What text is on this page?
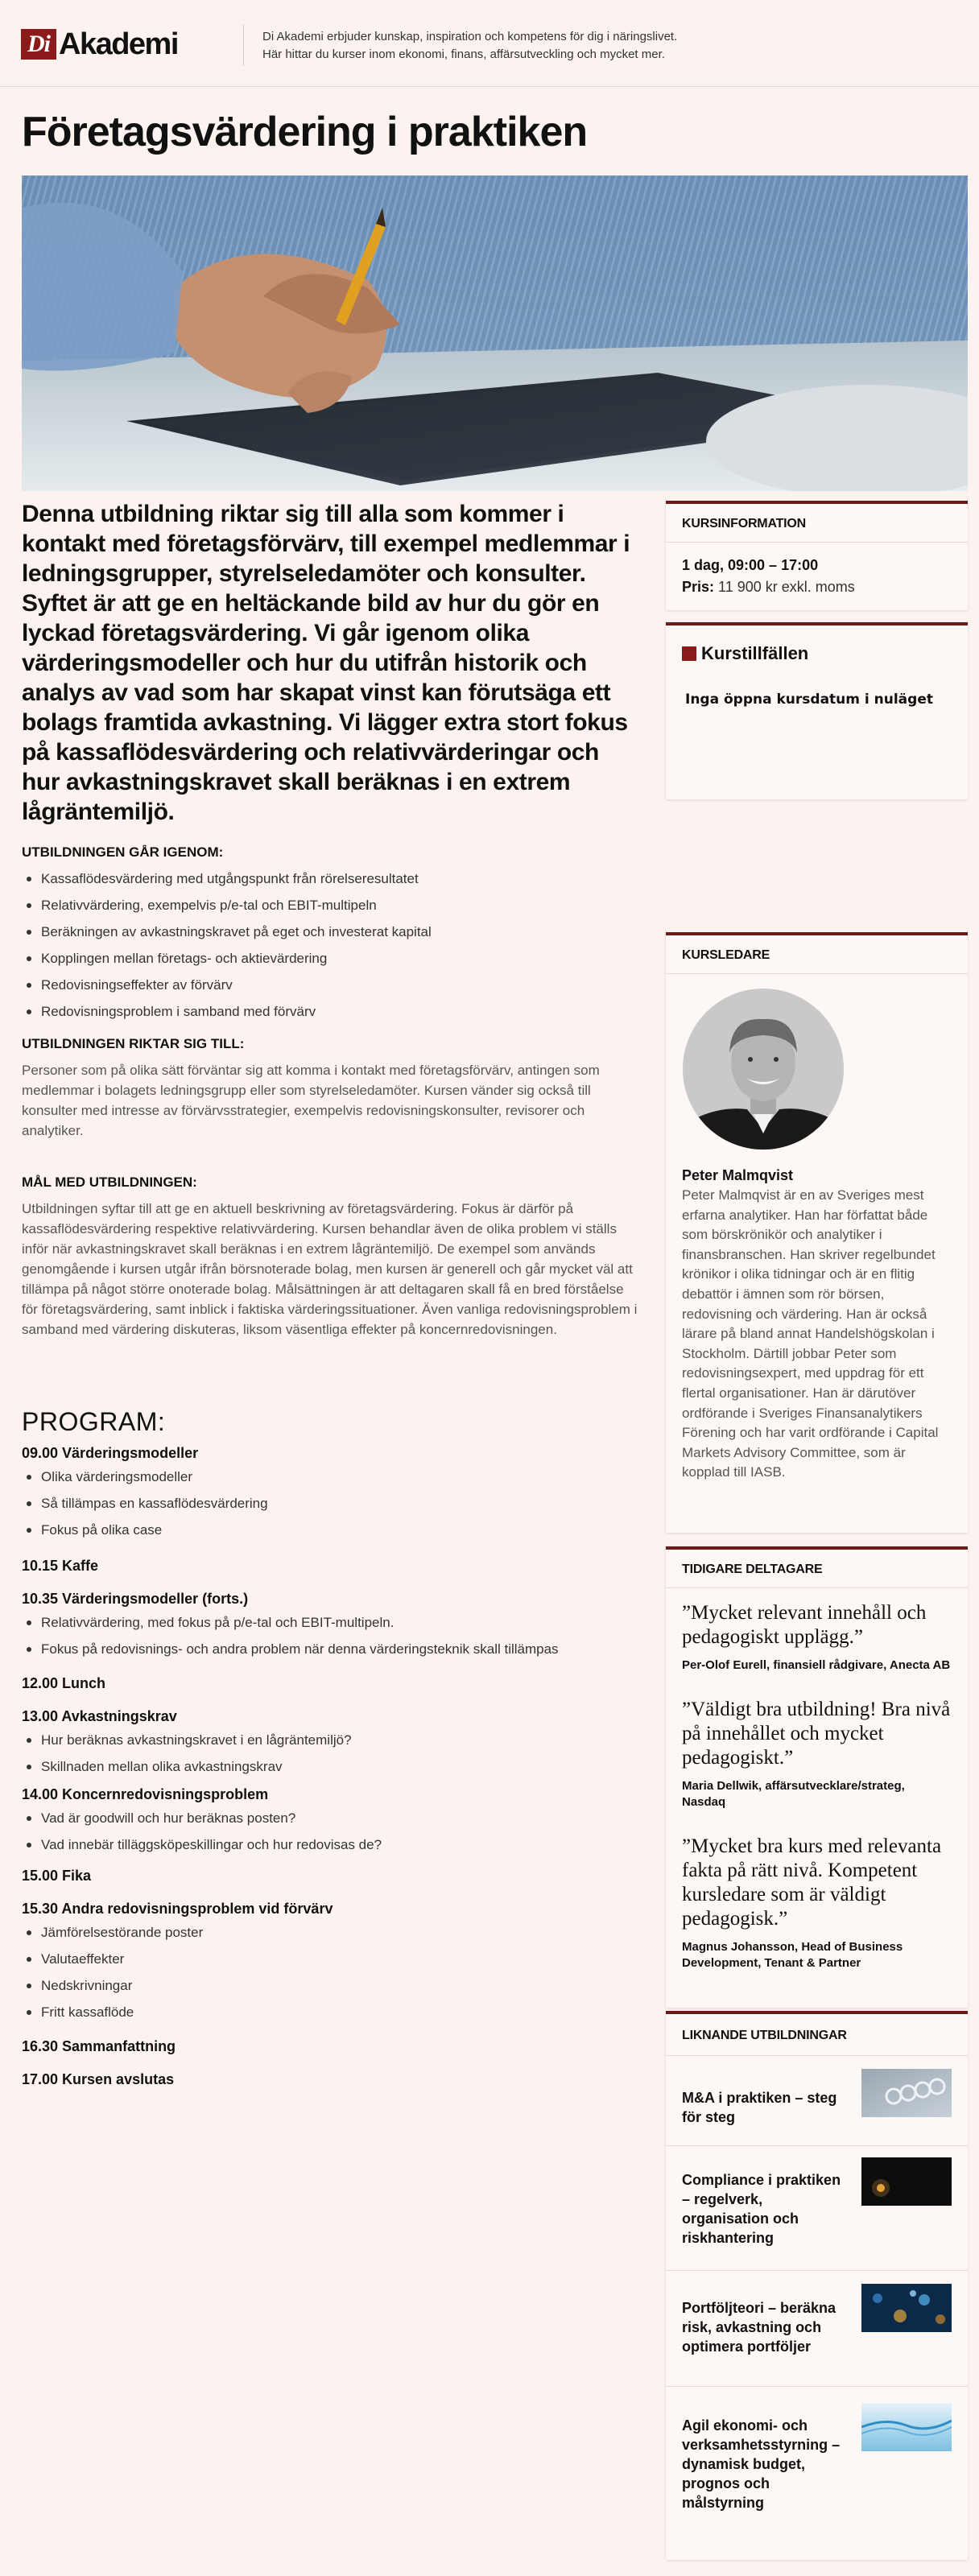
Di Akademi	Di Akademi erbjuder kunskap, inspiration och kompetens för dig i näringslivet.
Här hittar du kurser inom ekonomi, finans, affärsutveckling och mycket mer.
Företagsvärdering i praktiken

Denna utbildning riktar sig till alla som kommer i kontakt med företagsförvärv, till exempel medlemmar i ledningsgrupper, styrelseledamöter och konsulter. Syftet är att ge en heltäckande bild av hur du gör en lyckad företagsvärdering. Vi går igenom olika värderingsmodeller och hur du utifrån historik och analys av vad som har skapat vinst kan förutsäga ett bolags framtida avkastning. Vi lägger extra stort fokus på kassaflödesvärdering och relativvärderingar och hur avkastningskravet skall beräknas i en extrem lågräntemiljö.

UTBILDNINGEN GÅR IGENOM:
Kassaflödesvärdering med utgångspunkt från rörelseresultatet
Relativvärdering, exempelvis p/e-tal och EBIT-multipeln
Beräkningen av avkastningskravet på eget och investerat kapital
Kopplingen mellan företags- och aktievärdering
Redovisningseffekter av förvärv
Redovisningsproblem i samband med förvärv
UTBILDNINGEN RIKTAR SIG TILL:

Personer som på olika sätt förväntar sig att komma i kontakt med företagsförvärv, antingen som medlemmar i bolagets ledningsgrupp eller som styrelseledamöter. Kursen vänder sig också till konsulter med intresse av förvärvsstrategier, exempelvis redovisningskonsulter, revisorer och analytiker.

MÅL MED UTBILDNINGEN:

Utbildningen syftar till att ge en aktuell beskrivning av företagsvärdering. Fokus är därför på kassaflödesvärdering respektive relativvärdering. Kursen behandlar även de olika problem vi ställs inför när avkastningskravet skall beräknas i en extrem lågräntemiljö. De exempel som används genomgående i kursen utgår ifrån börsnoterade bolag, men kursen är generell och går mycket väl att tillämpa på något större onoterade bolag. Målsättningen är att deltagaren skall få en bred förståelse för företagsvärdering, samt inblick i faktiska värderingssituationer. Även vanliga redovisningsproblem i samband med värdering diskuteras, liksom väsentliga effekter på koncernredovisningen.

PROGRAM:
09.00 Värderingsmodeller
Olika värderingsmodeller
Så tillämpas en kassaflödesvärdering
Fokus på olika case
10.15 Kaffe
10.35 Värderingsmodeller (forts.)
Relativvärdering, med fokus på p/e-tal och EBIT-multipeln.
Fokus på redovisnings- och andra problem när denna värderingsteknik skall tillämpas
12.00 Lunch
13.00 Avkastningskrav
Hur beräknas avkastningskravet i en lågräntemiljö?
Skillnaden mellan olika avkastningskrav
14.00 Koncernredovisningsproblem
Vad är goodwill och hur beräknas posten?
Vad innebär tilläggsköpeskillingar och hur redovisas de?
15.00 Fika
15.30 Andra redovisningsproblem vid förvärv
Jämförelsestörande poster
Valutaeffekter
Nedskrivningar
Fritt kassaflöde
16.30 Sammanfattning
17.00 Kursen avslutas
KURSINFORMATION
1 dag, 09:00 – 17:00
Pris: 11 900 kr exkl. moms
Kurstillfällen
Inga öppna kursdatum i nuläget
KURSLEDARE
Peter Malmqvist

Peter Malmqvist är en av Sveriges mest erfarna analytiker. Han har författat både som börskrönikör och analytiker i finansbranschen. Han skriver regelbundet krönikor i olika tidningar och är en flitig debattör i ämnen som rör börsen, redovisning och värdering. Han är också lärare på bland annat Handelshögskolan i Stockholm. Därtill jobbar Peter som redovisningsexpert, med uppdrag för ett flertal organisationer. Han är därutöver ordförande i Sveriges Finansanalytikers Förening och har varit ordförande i Capital Markets Advisory Committee, som är kopplad till IASB.

TIDIGARE DELTAGARE
”Mycket relevant innehåll och pedagogiskt upplägg.”
Per-Olof Eurell, finansiell rådgivare, Anecta AB
”Väldigt bra utbildning! Bra nivå på innehållet och mycket pedagogiskt.”
Maria Dellwik, affärsutvecklare/strateg, Nasdaq
”Mycket bra kurs med relevanta fakta på rätt nivå. Kompetent kursledare som är väldigt pedagogisk.”
Magnus Johansson, Head of Business Development, Tenant & Partner
LIKNANDE UTBILDNINGAR
M&A i praktiken – steg för steg
Compliance i praktiken – regelverk, organisation och riskhantering
Portföljteori – beräkna risk, avkastning och optimera portföljer
Agil ekonomi- och verksamhetsstyrning – dynamisk budget, prognos och målstyrning
